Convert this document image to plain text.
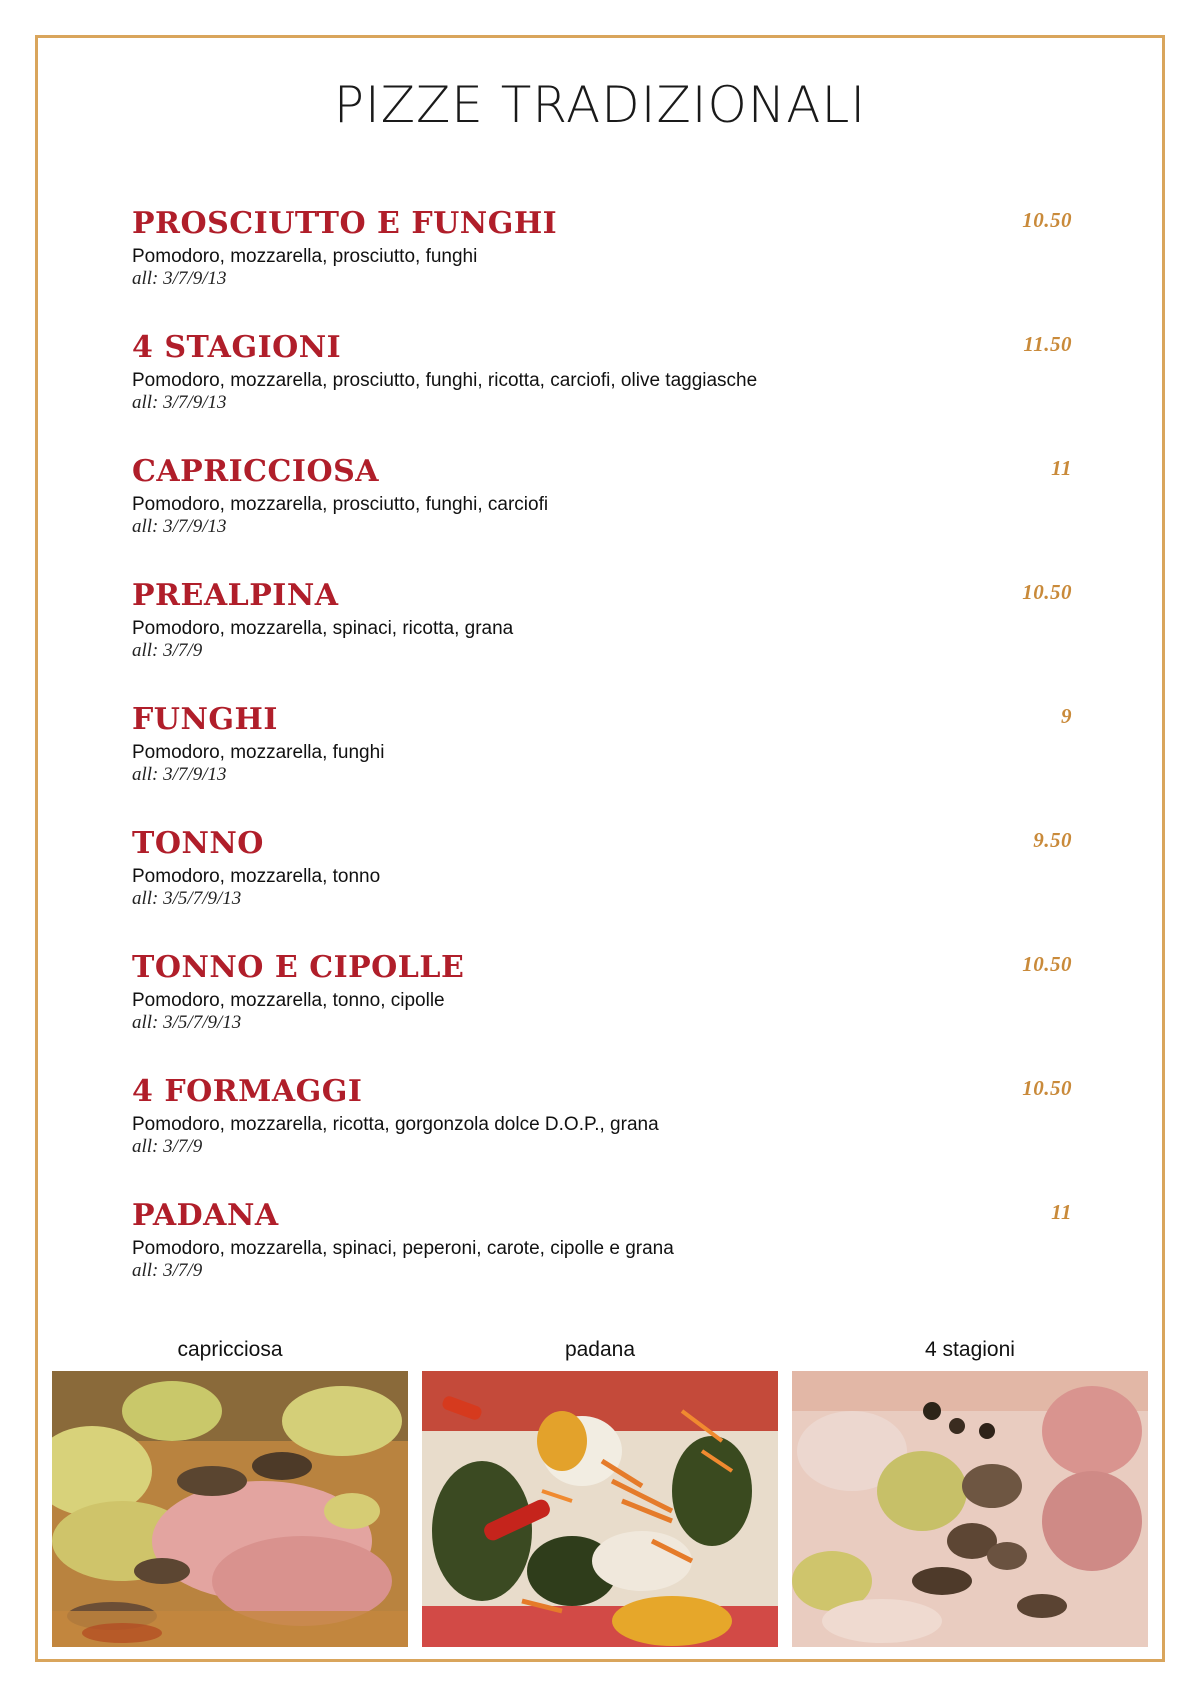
PIZZE TRADIZIONALI
PROSCIUTTO E FUNGHI	10.50
Pomodoro, mozzarella, prosciutto, funghi
all: 3/7/9/13
4 STAGIONI	11.50
Pomodoro, mozzarella, prosciutto, funghi, ricotta, carciofi, olive taggiasche
all: 3/7/9/13
CAPRICCIOSA	11
Pomodoro, mozzarella, prosciutto, funghi, carciofi
all: 3/7/9/13
PREALPINA	10.50
Pomodoro, mozzarella, spinaci, ricotta, grana
all: 3/7/9
FUNGHI	9
Pomodoro, mozzarella, funghi
all: 3/7/9/13
TONNO	9.50
Pomodoro, mozzarella, tonno
all: 3/5/7/9/13
TONNO E CIPOLLE	10.50
Pomodoro, mozzarella, tonno, cipolle
all: 3/5/7/9/13
4 FORMAGGI	10.50
Pomodoro, mozzarella, ricotta, gorgonzola dolce D.O.P., grana
all: 3/7/9
PADANA	11
Pomodoro, mozzarella, spinaci, peperoni, carote, cipolle e grana
all: 3/7/9
capricciosa	padana	4 stagioni
